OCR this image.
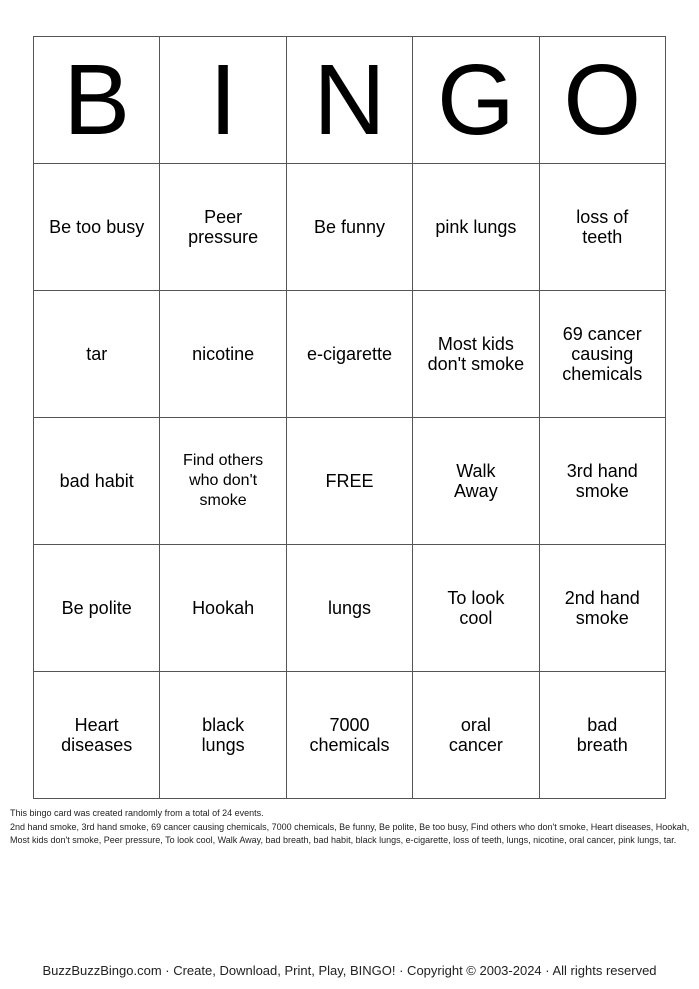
B	I	N	G	O
Be too busy	Peer pressure	Be funny	pink lungs	loss of teeth
tar	nicotine	e-cigarette	Most kids don't smoke	69 cancer causing chemicals
bad habit	Find others who don't smoke	FREE	Walk Away	3rd hand smoke
Be polite	Hookah	lungs	To look cool	2nd hand smoke
Heart diseases	black lungs	7000 chemicals	oral cancer	bad breath

This bingo card was created randomly from a total of 24 events.

2nd hand smoke, 3rd hand smoke, 69 cancer causing chemicals, 7000 chemicals, Be funny, Be polite, Be too busy, Find others who don't smoke, Heart diseases, Hookah, Most kids don't smoke, Peer pressure, To look cool, Walk Away, bad breath, bad habit, black lungs, e-cigarette, loss of teeth, lungs, nicotine, oral cancer, pink lungs, tar.

BuzzBuzzBingo.com · Create, Download, Print, Play, BINGO! · Copyright © 2003-2024 · All rights reserved
